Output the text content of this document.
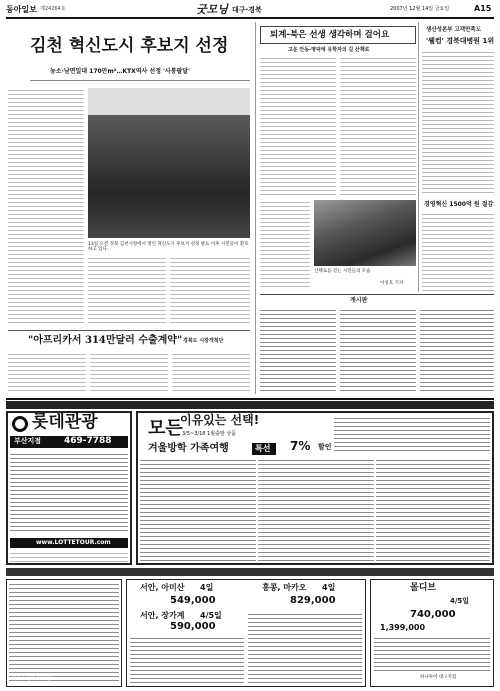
동아일보 제24264호	굿모닝 대구·경북	2007년 12월 14일 금요일	A15
김천 혁신도시 후보지 선정
농소·남면일대 170만m²…KTX역사 선정 '사통팔달'
13일 오전 경북 김천시청에서 열린 혁신도시 후보지 선정 발표 이후 시민들이 환호하고 있다.
"아프리카서 314만달러 수출계약" 경북도 시장개척단
퇴계-북은 선생 생각하며 걸어요
고운 안동-영덕에 유학자의 길 산책로
산책로를 걷는 시민들의 모습
이성호 기자
게시판
생산성본부 고객만족도
'웰컴' 경북대병원 1위
경영혁신 1500억 원 절감
롯데관광
부산지점	469-7788
www.LOTTETOUR.com
이유있는 선택!
모든 3/5~3/18 1월출발 상품
겨울방학 가족여행	특선 7% 할인
서안, 아미산 4일
549,000
홍콩, 마카오 4일
829,000
서안, 장가계 4/5일
590,000
몰디브
4/5일
740,000
1,399,000
제주도 일주 2박3일	하나투어 대구지점
